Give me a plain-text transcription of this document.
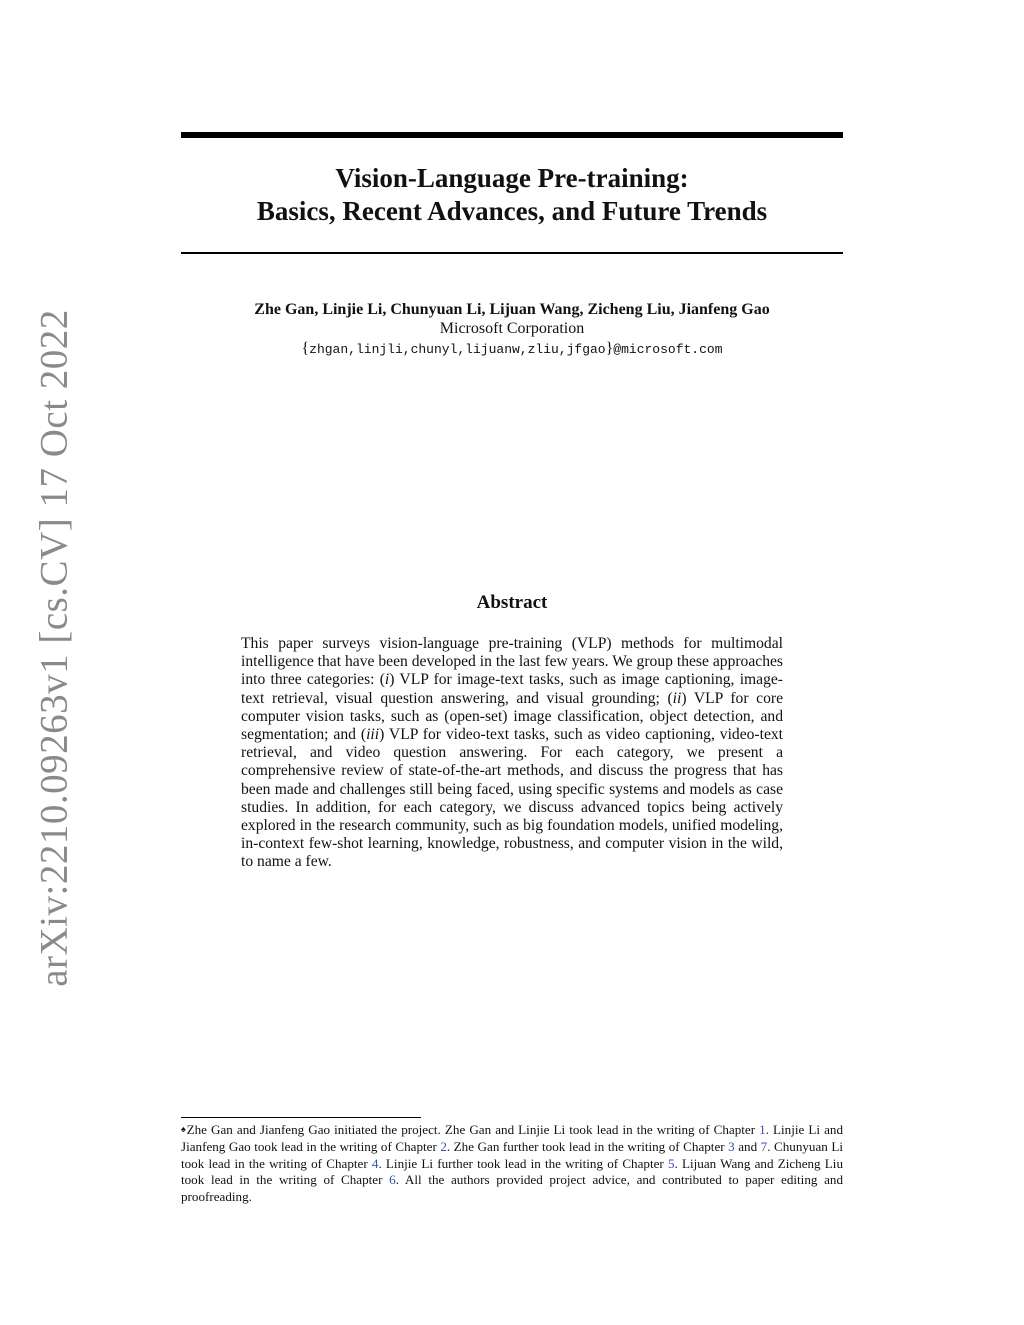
arXiv:2210.09263v1 [cs.CV] 17 Oct 2022
Vision-Language Pre-training:
Basics, Recent Advances, and Future Trends
Zhe Gan, Linjie Li, Chunyuan Li, Lijuan Wang, Zicheng Liu, Jianfeng Gao
Microsoft Corporation
{zhgan,linjli,chunyl,lijuanw,zliu,jfgao}@microsoft.com
Abstract

This paper surveys vision-language pre-training (VLP) methods for multimodal intelligence that have been developed in the last few years. We group these approaches into three categories: (i) VLP for image-text tasks, such as image captioning, image-text retrieval, visual question answering, and visual grounding; (ii) VLP for core computer vision tasks, such as (open-set) image classification, object detection, and segmentation; and (iii) VLP for video-text tasks, such as video captioning, video-text retrieval, and video question answering. For each category, we present a comprehensive review of state-of-the-art methods, and discuss the progress that has been made and challenges still being faced, using specific systems and models as case studies. In addition, for each category, we discuss advanced topics being actively explored in the research community, such as big foundation models, unified modeling, in-context few-shot learning, knowledge, robustness, and computer vision in the wild, to name a few.

♠Zhe Gan and Jianfeng Gao initiated the project. Zhe Gan and Linjie Li took lead in the writing of Chapter 1. Linjie Li and Jianfeng Gao took lead in the writing of Chapter 2. Zhe Gan further took lead in the writing of Chapter 3 and 7. Chunyuan Li took lead in the writing of Chapter 4. Linjie Li further took lead in the writing of Chapter 5. Lijuan Wang and Zicheng Liu took lead in the writing of Chapter 6. All the authors provided project advice, and contributed to paper editing and proofreading.
